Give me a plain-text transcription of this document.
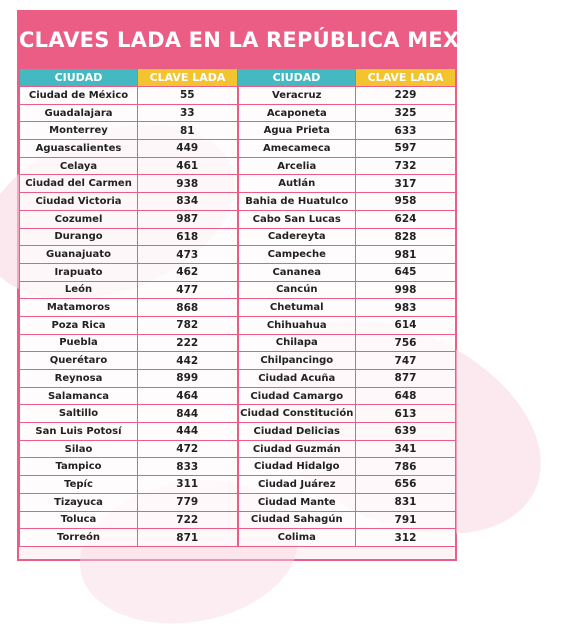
CLAVES LADA EN LA REPÚBLICA MEXICANA
CIUDAD	CLAVE LADA	CIUDAD	CLAVE LADA
Ciudad de México	55	Veracruz	229
Guadalajara	33	Acaponeta	325
Monterrey	81	Agua Prieta	633
Aguascalientes	449	Amecameca	597
Celaya	461	Arcelia	732
Ciudad del Carmen	938	Autlán	317
Ciudad Victoria	834	Bahia de Huatulco	958
Cozumel	987	Cabo San Lucas	624
Durango	618	Cadereyta	828
Guanajuato	473	Campeche	981
Irapuato	462	Cananea	645
León	477	Cancún	998
Matamoros	868	Chetumal	983
Poza Rica	782	Chihuahua	614
Puebla	222	Chilapa	756
Querétaro	442	Chilpancingo	747
Reynosa	899	Ciudad Acuña	877
Salamanca	464	Ciudad Camargo	648
Saltillo	844	Ciudad Constitución	613
San Luis Potosí	444	Ciudad Delicias	639
Silao	472	Ciudad Guzmán	341
Tampico	833	Ciudad Hidalgo	786
Tepíc	311	Ciudad Juárez	656
Tizayuca	779	Ciudad Mante	831
Toluca	722	Ciudad Sahagún	791
Torreón	871	Colima	312
